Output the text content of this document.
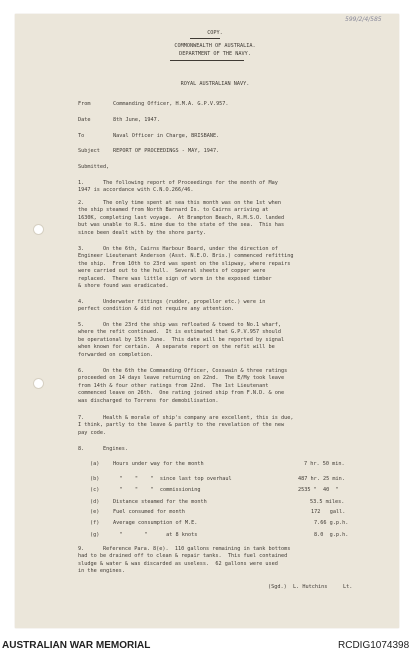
599/2/4/585
COPY.
COMMONWEALTH OF AUSTRALIA.
DEPARTMENT OF THE NAVY.
ROYAL AUSTRALIAN NAVY.
From	Commanding Officer, H.M.A. G.P.V.957.
Date	8th June, 1947.
To	Naval Officer in Charge, BRISBANE.
Subject	REPORT OF PROCEEDINGS - MAY, 1947.
Submitted,
1.      The following report of Proceedings for the month of May
1947 is accordance with C.N.O.266/46.
2.      The only time spent at sea this month was on the 1st when
the ship steamed from North Barnard Is. to Cairns arriving at
1630K, completing last voyage.  At Brampton Beach, R.M.S.O. landed
but was unable to R.S. mine due to the state of the sea.  This has
since been dealt with by the shore party.
3.      On the 6th, Cairns Harbour Board, under the direction of
Engineer Lieutenant Anderson (Asst. N.E.O. Bris.) commenced refitting
the ship.  From 10th to 23rd was spent on the slipway, where repairs
were carried out to the hull.  Several sheets of copper were
replaced.  There was little sign of worm in the exposed timber
& shore found was eradicated.
4.      Underwater fittings (rudder, propellor etc.) were in
perfect condition & did not require any attention.
5.      On the 23rd the ship was refloated & towed to No.1 wharf,
where the refit continued.  It is estimated that G.P.V.957 should
be operational by 15th June.  This date will be reported by signal
when known for certain.  A separate report on the refit will be
forwarded on completion.
6.      On the 6th the Commanding Officer, Coxswain & three ratings
proceeded on 14 days leave returning on 22nd.  The E/My took leave
from 14th & four other ratings from 22nd.  The 1st Lieutenant
commenced leave on 26th.  One rating joined ship from F.N.D. & one
was discharged to Torrens for demobilisation.
7.      Health & morale of ship's company are excellent, this is due,
I think, partly to the leave & partly to the revelation of the new
pay code.
8.      Engines.
(a)	Hours under way for the month	7 hr. 50 min.
(b)	"    "    "  since last top overhaul	487 hr. 25 min.
(c)	"    "    "  commissioning	2535 "  40  "
(d)	Distance steamed for the month	53.5 miles.
(e)	Fuel consumed for month	172   gall.
(f)	Average consumption of M.E.	7.66 g.p.h.
(g)	"       "      at 8 knots	8.0  g.p.h.
9.      Reference Para. 8(e).  110 gallons remaining in tank bottoms
had to be drained off to clean & repair tanks.  This fuel contained
sludge & water & was discarded as useless.  62 gallons were used
in the engines.
(Sgd.)  L. Hutchins     Lt.
AUSTRALIAN WAR MEMORIAL	RCDIG1074398
